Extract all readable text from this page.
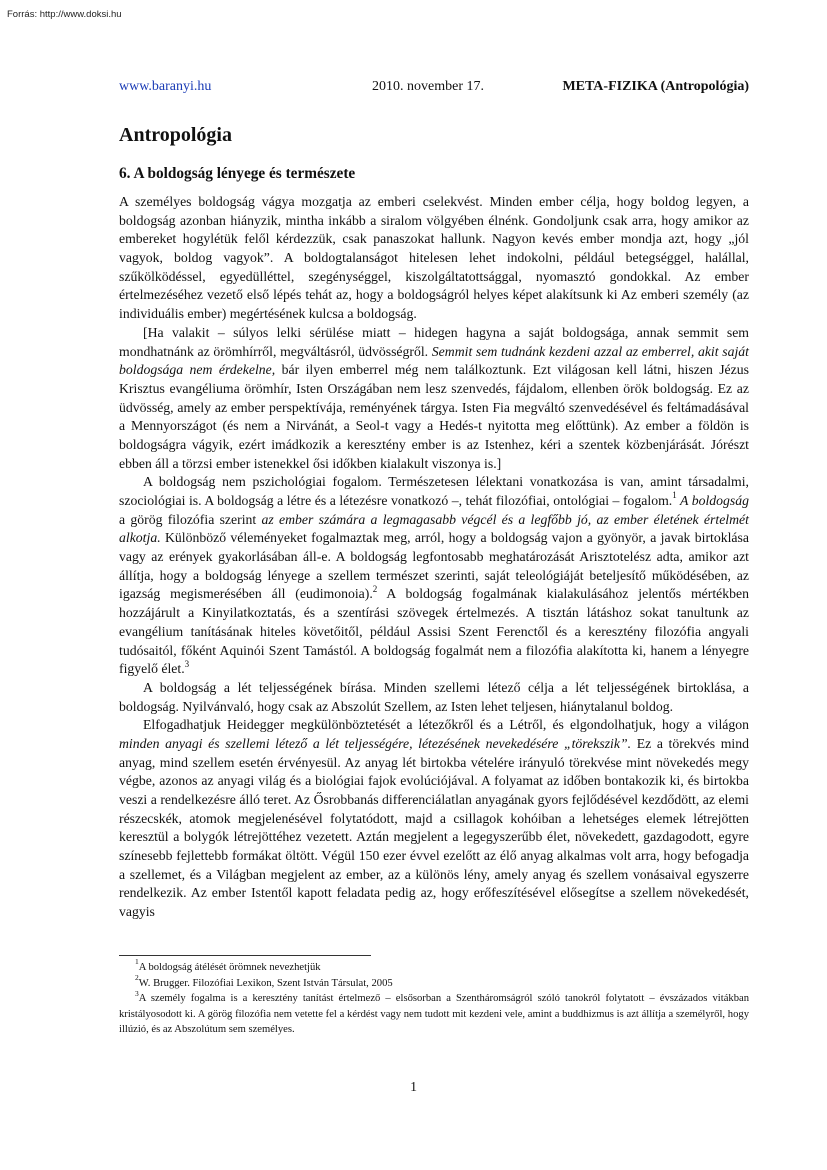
Forrás: http://www.doksi.hu
www.baranyi.hu	2010. november 17.	META-FIZIKA (Antropológia)
Antropológia
6. A boldogság lényege és természete

A személyes boldogság vágya mozgatja az emberi cselekvést. Minden ember célja, hogy boldog legyen, a boldogság azonban hiányzik, mintha inkább a siralom völgyében élnénk. Gondoljunk csak arra, hogy amikor az embereket hogylétük felől kérdezzük, csak panaszokat hallunk. Nagyon kevés ember mondja azt, hogy „jól vagyok, boldog vagyok”. A boldogtalanságot hitelesen lehet indokolni, például betegséggel, halállal, szűkölködéssel, egyedülléttel, szegénységgel, kiszolgáltatottsággal, nyomasztó gondokkal. Az ember értelmezéséhez vezető első lépés tehát az, hogy a boldogságról helyes képet alakítsunk ki Az emberi személy (az individuális ember) megértésének kulcsa a boldogság.

[Ha valakit – súlyos lelki sérülése miatt – hidegen hagyna a saját boldogsága, annak semmit sem mondhatnánk az örömhírről, megváltásról, üdvösségről. Semmit sem tudnánk kezdeni azzal az emberrel, akit saját boldogsága nem érdekelne, bár ilyen emberrel még nem találkoztunk. Ezt világosan kell látni, hiszen Jézus Krisztus evangéliuma örömhír, Isten Országában nem lesz szenvedés, fájdalom, ellenben örök boldogság. Ez az üdvösség, amely az ember perspektívája, reményének tárgya. Isten Fia megváltó szenvedésével és feltámadásával a Mennyországot (és nem a Nirvánát, a Seol-t vagy a Hedés-t nyitotta meg előttünk). Az ember a földön is boldogságra vágyik, ezért imádkozik a keresztény ember is az Istenhez, kéri a szentek közbenjárását. Jórészt ebben áll a törzsi ember istenekkel ősi időkben kialakult viszonya is.]

A boldogság nem pszichológiai fogalom. Természetesen lélektani vonatkozása is van, amint társadalmi, szociológiai is. A boldogság a létre és a létezésre vonatkozó –, tehát filozófiai, ontológiai – fogalom.$^1$ A boldogság a görög filozófia szerint az ember számára a legmagasabb végcél és a legfőbb jó, az ember életének értelmét alkotja. Különböző véleményeket fogalmaztak meg, arról, hogy a boldogság vajon a gyönyör, a javak birtoklása vagy az erények gyakorlásában áll-e. A boldogság legfontosabb meghatározását Arisztotelész adta, amikor azt állítja, hogy a boldogság lényege a szellem természet szerinti, saját teleológiáját beteljesítő működésében, az igazság megismerésében áll (eudimonoia).$^2$ A boldogság fogalmának kialakulásához jelentős mértékben hozzájárult a Kinyilatkoztatás, és a szentírási szövegek értelmezés. A tisztán látáshoz sokat tanultunk az evangélium tanításának hiteles követőitől, például Assisi Szent Ferenctől és a keresztény filozófia angyali tudósaitól, főként Aquinói Szent Tamástól. A boldogság fogalmát nem a filozófia alakította ki, hanem a lényegre figyelő élet.$^3$

A boldogság a lét teljességének bírása. Minden szellemi létező célja a lét teljességének birtoklása, a boldogság. Nyilvánvaló, hogy csak az Abszolút Szellem, az Isten lehet teljesen, hiánytalanul boldog.

Elfogadhatjuk Heidegger megkülönböztetését a létezőkről és a Létről, és elgondolhatjuk, hogy a világon minden anyagi és szellemi létező a lét teljességére, létezésének nevekedésére „törekszik”. Ez a törekvés mind anyag, mind szellem esetén érvényesül. Az anyag lét birtokba vételére irányuló törekvése mint növekedés megy végbe, azonos az anyagi világ és a biológiai fajok evolúciójával. A folyamat az időben bontakozik ki, és birtokba veszi a rendelkezésre álló teret. Az Ősrobbanás differenciálatlan anyagának gyors fejlődésével kezdődött, az elemi részecskék, atomok megjelenésével folytatódott, majd a csillagok kohóiban a lehetséges elemek létrejötten keresztül a bolygók létrejöttéhez vezetett. Aztán megjelent a legegyszerűbb élet, növekedett, gazdagodott, egyre színesebb fejlettebb formákat öltött. Végül 150 ezer évvel ezelőtt az élő anyag alkalmas volt arra, hogy befogadja a szellemet, és a Világban megjelent az ember, az a különös lény, amely anyag és szellem vonásaival egyszerre rendelkezik. Az ember Istentől kapott feladata pedig az, hogy erőfeszítésével elősegítse a szellem növekedését, vagyis

$^1$A boldogság átélését örömnek nevezhetjük
$^2$W. Brugger. Filozófiai Lexikon, Szent István Társulat, 2005
$^3$A személy fogalma is a keresztény tanítást értelmező – elsősorban a Szentháromságról szóló tanokról folytatott – évszázados vitákban kristályosodott ki. A görög filozófia nem vetette fel a kérdést vagy nem tudott mit kezdeni vele, amint a buddhizmus is azt állítja a személyről, hogy illúzió, és az Abszolútum sem személyes.
1
